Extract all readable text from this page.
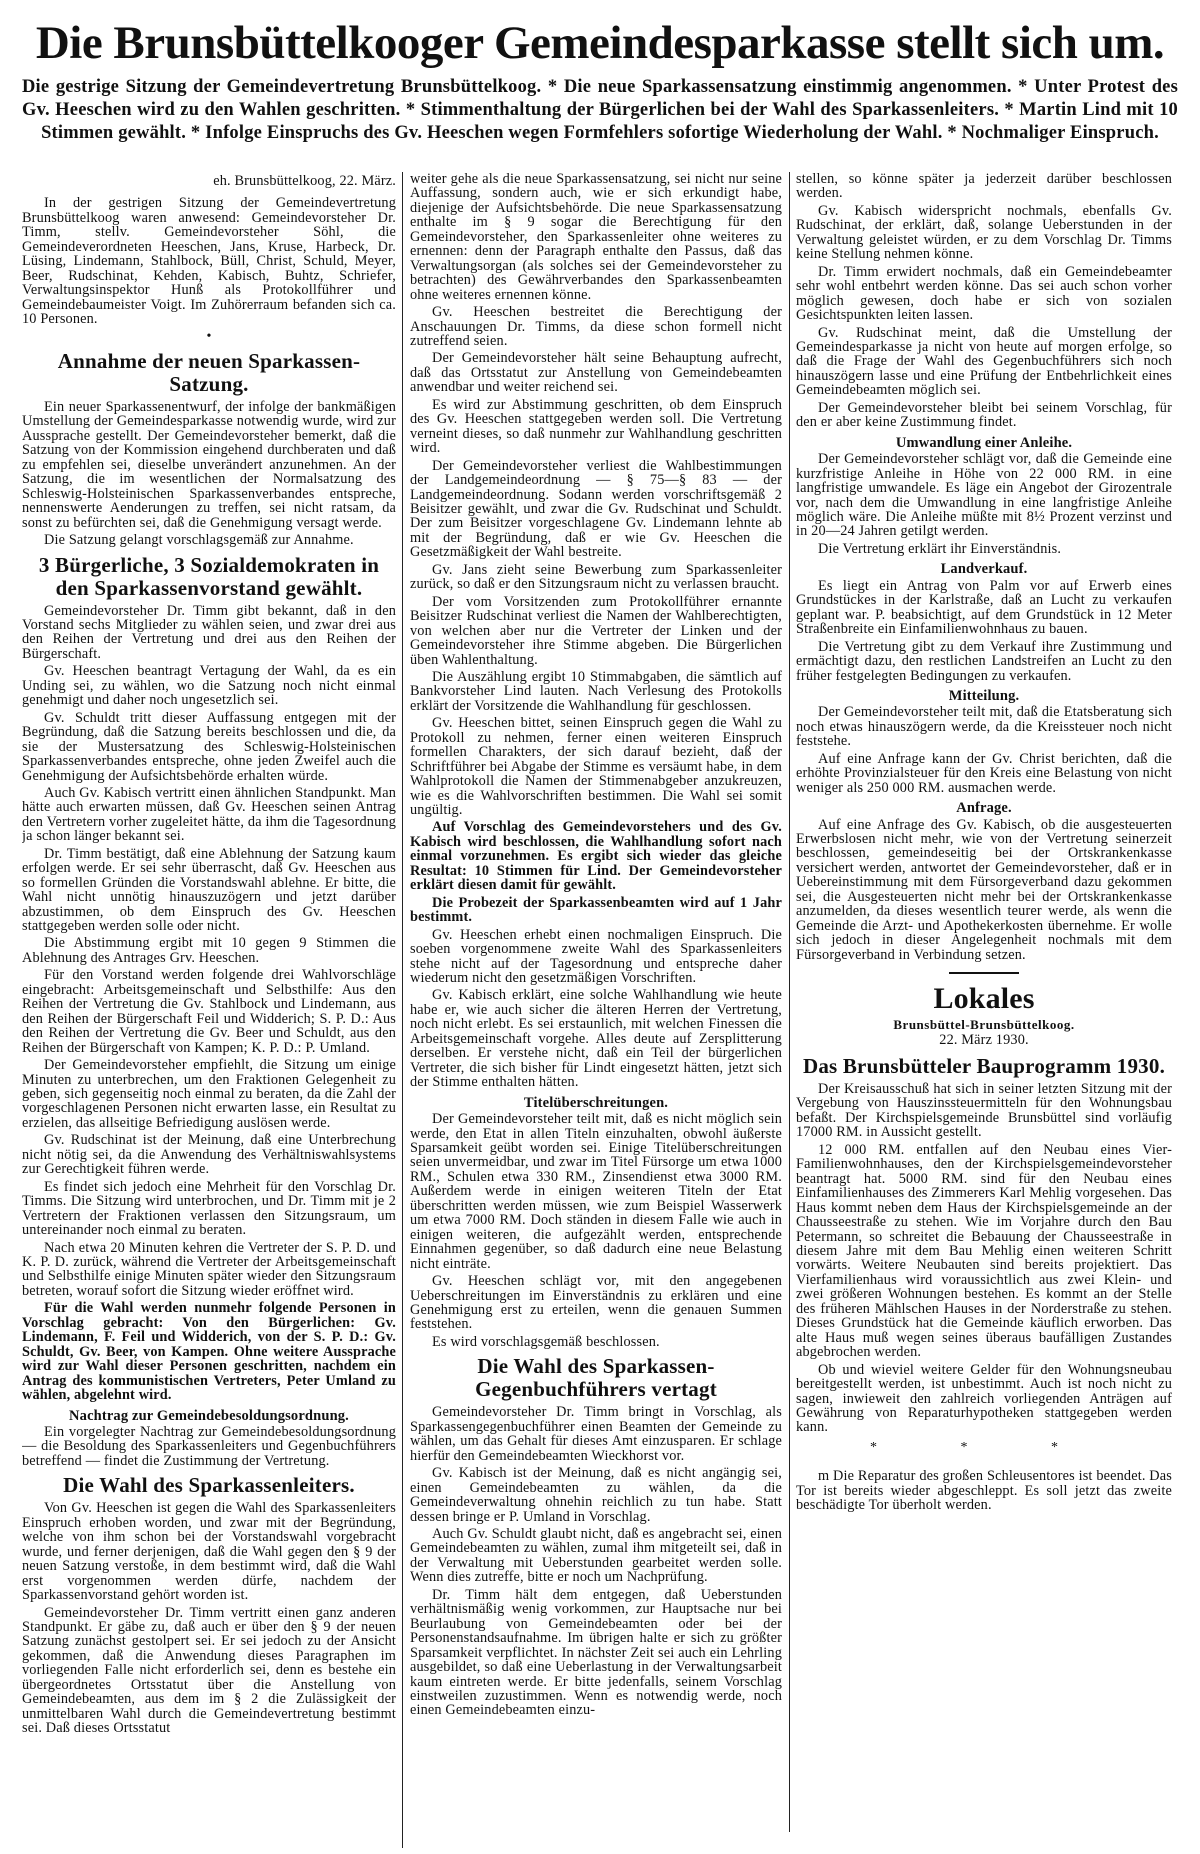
Die Brunsbüttelkooger Gemeindesparkasse stellt sich um.
Die gestrige Sitzung der Gemeindevertretung Brunsbüttelkoog. * Die neue Sparkassensatzung einstimmig angenommen. * Unter Protest des Gv. Heeschen wird zu den Wahlen geschritten. * Stimmenthaltung der Bürgerlichen bei der Wahl des Sparkassenleiters. * Martin Lind mit 10 Stimmen gewählt. * Infolge Einspruchs des Gv. Heeschen wegen Formfehlers sofortige Wiederholung der Wahl. * Nochmaliger Einspruch.
eh. Brunsbüttelkoog, 22. März.
In der gestrigen Sitzung der Gemeindevertretung Brunsbüttelkoog waren anwesend: Gemeindevorsteher Dr. Timm, stellv. Gemeindevorsteher Söhl, die Gemeindeverordneten Heeschen, Jans, Kruse, Harbeck, Dr. Lüsing, Lindemann, Stahlbock, Büll, Christ, Schuld, Meyer, Beer, Rudschinat, Kehden, Kabisch, Buhtz, Schriefer, Verwaltungsinspektor Hunß als Protokollführer und Gemeindebaumeister Voigt. Im Zuhörerraum befanden sich ca. 10 Personen.
•
Annahme der neuen Sparkassen-Satzung.
Ein neuer Sparkassenentwurf, der infolge der bankmäßigen Umstellung der Gemeindesparkasse notwendig wurde, wird zur Aussprache gestellt. Der Gemeindevorsteher bemerkt, daß die Satzung von der Kommission eingehend durchberaten und daß zu empfehlen sei, dieselbe unverändert anzunehmen. An der Satzung, die im wesentlichen der Normalsatzung des Schleswig-Holsteinischen Sparkassenverbandes entspreche, nennenswerte Aenderungen zu treffen, sei nicht ratsam, da sonst zu befürchten sei, daß die Genehmigung versagt werde.
Die Satzung gelangt vorschlagsgemäß zur Annahme.
3 Bürgerliche, 3 Sozialdemokraten in den Sparkassenvorstand gewählt.
Gemeindevorsteher Dr. Timm gibt bekannt, daß in den Vorstand sechs Mitglieder zu wählen seien, und zwar drei aus den Reihen der Vertretung und drei aus den Reihen der Bürgerschaft.
Gv. Heeschen beantragt Vertagung der Wahl, da es ein Unding sei, zu wählen, wo die Satzung noch nicht einmal genehmigt und daher noch ungesetzlich sei.
Gv. Schuldt tritt dieser Auffassung entgegen mit der Begründung, daß die Satzung bereits beschlossen und die, da sie der Mustersatzung des Schleswig-Holsteinischen Sparkassenverbandes entspreche, ohne jeden Zweifel auch die Genehmigung der Aufsichtsbehörde erhalten würde.
Auch Gv. Kabisch vertritt einen ähnlichen Standpunkt. Man hätte auch erwarten müssen, daß Gv. Heeschen seinen Antrag den Vertretern vorher zugeleitet hätte, da ihm die Tagesordnung ja schon länger bekannt sei.
Dr. Timm bestätigt, daß eine Ablehnung der Satzung kaum erfolgen werde. Er sei sehr überrascht, daß Gv. Heeschen aus so formellen Gründen die Vorstandswahl ablehne. Er bitte, die Wahl nicht unnötig hinauszuzögern und jetzt darüber abzustimmen, ob dem Einspruch des Gv. Heeschen stattgegeben werden solle oder nicht.
Die Abstimmung ergibt mit 10 gegen 9 Stimmen die Ablehnung des Antrages Grv. Heeschen.
Für den Vorstand werden folgende drei Wahlvorschläge eingebracht: Arbeitsgemeinschaft und Selbsthilfe: Aus den Reihen der Vertretung die Gv. Stahlbock und Lindemann, aus den Reihen der Bürgerschaft Feil und Widderich; S. P. D.: Aus den Reihen der Vertretung die Gv. Beer und Schuldt, aus den Reihen der Bürgerschaft von Kampen; K. P. D.: P. Umland.
Der Gemeindevorsteher empfiehlt, die Sitzung um einige Minuten zu unterbrechen, um den Fraktionen Gelegenheit zu geben, sich gegenseitig noch einmal zu beraten, da die Zahl der vorgeschlagenen Personen nicht erwarten lasse, ein Resultat zu erzielen, das allseitige Befriedigung auslösen werde.
Gv. Rudschinat ist der Meinung, daß eine Unterbrechung nicht nötig sei, da die Anwendung des Verhältniswahlsystems zur Gerechtigkeit führen werde.
Es findet sich jedoch eine Mehrheit für den Vorschlag Dr. Timms. Die Sitzung wird unterbrochen, und Dr. Timm mit je 2 Vertretern der Fraktionen verlassen den Sitzungsraum, um untereinander noch einmal zu beraten.
Nach etwa 20 Minuten kehren die Vertreter der S. P. D. und K. P. D. zurück, während die Vertreter der Arbeitsgemeinschaft und Selbsthilfe einige Minuten später wieder den Sitzungsraum betreten, worauf sofort die Sitzung wieder eröffnet wird.
Für die Wahl werden nunmehr folgende Personen in Vorschlag gebracht: Von den Bürgerlichen: Gv. Lindemann, F. Feil und Widderich, von der S. P. D.: Gv. Schuldt, Gv. Beer, von Kampen. Ohne weitere Aussprache wird zur Wahl dieser Personen geschritten, nachdem ein Antrag des kommunistischen Vertreters, Peter Umland zu wählen, abgelehnt wird.
Nachtrag zur Gemeindebesoldungsordnung.
Ein vorgelegter Nachtrag zur Gemeindebesoldungsordnung — die Besoldung des Sparkassenleiters und Gegenbuchführers betreffend — findet die Zustimmung der Vertretung.
Die Wahl des Sparkassenleiters.
Von Gv. Heeschen ist gegen die Wahl des Sparkassenleiters Einspruch erhoben worden, und zwar mit der Begründung, welche von ihm schon bei der Vorstandswahl vorgebracht wurde, und ferner derjenigen, daß die Wahl gegen den § 9 der neuen Satzung verstoße, in dem bestimmt wird, daß die Wahl erst vorgenommen werden dürfe, nachdem der Sparkassenvorstand gehört worden ist.
Gemeindevorsteher Dr. Timm vertritt einen ganz anderen Standpunkt. Er gäbe zu, daß auch er über den § 9 der neuen Satzung zunächst gestolpert sei. Er sei jedoch zu der Ansicht gekommen, daß die Anwendung dieses Paragraphen im vorliegenden Falle nicht erforderlich sei, denn es bestehe ein übergeordnetes Ortsstatut über die Anstellung von Gemeindebeamten, aus dem im § 2 die Zulässigkeit der unmittelbaren Wahl durch die Gemeindevertretung bestimmt sei. Daß dieses Ortsstatut
weiter gehe als die neue Sparkassensatzung, sei nicht nur seine Auffassung, sondern auch, wie er sich erkundigt habe, diejenige der Aufsichtsbehörde. Die neue Sparkassensatzung enthalte im § 9 sogar die Berechtigung für den Gemeindevorsteher, den Sparkassenleiter ohne weiteres zu ernennen: denn der Paragraph enthalte den Passus, daß das Verwaltungsorgan (als solches sei der Gemeindevorsteher zu betrachten) des Gewährverbandes den Sparkassenbeamten ohne weiteres ernennen könne.
Gv. Heeschen bestreitet die Berechtigung der Anschauungen Dr. Timms, da diese schon formell nicht zutreffend seien.
Der Gemeindevorsteher hält seine Behauptung aufrecht, daß das Ortsstatut zur Anstellung von Gemeindebeamten anwendbar und weiter reichend sei.
Es wird zur Abstimmung geschritten, ob dem Einspruch des Gv. Heeschen stattgegeben werden soll. Die Vertretung verneint dieses, so daß nunmehr zur Wahlhandlung geschritten wird.
Der Gemeindevorsteher verliest die Wahlbestimmungen der Landgemeindeordnung — § 75—§ 83 — der Landgemeindeordnung. Sodann werden vorschriftsgemäß 2 Beisitzer gewählt, und zwar die Gv. Rudschinat und Schuldt. Der zum Beisitzer vorgeschlagene Gv. Lindemann lehnte ab mit der Begründung, daß er wie Gv. Heeschen die Gesetzmäßigkeit der Wahl bestreite.
Gv. Jans zieht seine Bewerbung zum Sparkassenleiter zurück, so daß er den Sitzungsraum nicht zu verlassen braucht.
Der vom Vorsitzenden zum Protokollführer ernannte Beisitzer Rudschinat verliest die Namen der Wahlberechtigten, von welchen aber nur die Vertreter der Linken und der Gemeindevorsteher ihre Stimme abgeben. Die Bürgerlichen üben Wahlenthaltung.
Die Auszählung ergibt 10 Stimmabgaben, die sämtlich auf Bankvorsteher Lind lauten. Nach Verlesung des Protokolls erklärt der Vorsitzende die Wahlhandlung für geschlossen.
Gv. Heeschen bittet, seinen Einspruch gegen die Wahl zu Protokoll zu nehmen, ferner einen weiteren Einspruch formellen Charakters, der sich darauf bezieht, daß der Schriftführer bei Abgabe der Stimme es versäumt habe, in dem Wahlprotokoll die Namen der Stimmenabgeber anzukreuzen, wie es die Wahlvorschriften bestimmen. Die Wahl sei somit ungültig.
Auf Vorschlag des Gemeindevorstehers und des Gv. Kabisch wird beschlossen, die Wahlhandlung sofort nach einmal vorzunehmen. Es ergibt sich wieder das gleiche Resultat: 10 Stimmen für Lind. Der Gemeindevorsteher erklärt diesen damit für gewählt.
Die Probezeit der Sparkassenbeamten wird auf 1 Jahr bestimmt.
Gv. Heeschen erhebt einen nochmaligen Einspruch. Die soeben vorgenommene zweite Wahl des Sparkassenleiters stehe nicht auf der Tagesordnung und entspreche daher wiederum nicht den gesetzmäßigen Vorschriften.
Gv. Kabisch erklärt, eine solche Wahlhandlung wie heute habe er, wie auch sicher die älteren Herren der Vertretung, noch nicht erlebt. Es sei erstaunlich, mit welchen Finessen die Arbeitsgemeinschaft vorgehe. Alles deute auf Zersplitterung derselben. Er verstehe nicht, daß ein Teil der bürgerlichen Vertreter, die sich bisher für Lindt eingesetzt hätten, jetzt sich der Stimme enthalten hätten.
Titelüberschreitungen.
Der Gemeindevorsteher teilt mit, daß es nicht möglich sein werde, den Etat in allen Titeln einzuhalten, obwohl äußerste Sparsamkeit geübt worden sei. Einige Titelüberschreitungen seien unvermeidbar, und zwar im Titel Fürsorge um etwa 1000 RM., Schulen etwa 330 RM., Zinsendienst etwa 3000 RM. Außerdem werde in einigen weiteren Titeln der Etat überschritten werden müssen, wie zum Beispiel Wasserwerk um etwa 7000 RM. Doch ständen in diesem Falle wie auch in einigen weiteren, die aufgezählt werden, entsprechende Einnahmen gegenüber, so daß dadurch eine neue Belastung nicht einträte.
Gv. Heeschen schlägt vor, mit den angegebenen Ueberschreitungen im Einverständnis zu erklären und eine Genehmigung erst zu erteilen, wenn die genauen Summen feststehen.
Es wird vorschlagsgemäß beschlossen.
Die Wahl des Sparkassen-Gegenbuchführers vertagt
Gemeindevorsteher Dr. Timm bringt in Vorschlag, als Sparkassengegenbuchführer einen Beamten der Gemeinde zu wählen, um das Gehalt für dieses Amt einzusparen. Er schlage hierfür den Gemeindebeamten Wieckhorst vor.
Gv. Kabisch ist der Meinung, daß es nicht angängig sei, einen Gemeindebeamten zu wählen, da die Gemeindeverwaltung ohnehin reichlich zu tun habe. Statt dessen bringe er P. Umland in Vorschlag.
Auch Gv. Schuldt glaubt nicht, daß es angebracht sei, einen Gemeindebeamten zu wählen, zumal ihm mitgeteilt sei, daß in der Verwaltung mit Ueberstunden gearbeitet werden solle. Wenn dies zutreffe, bitte er noch um Nachprüfung.
Dr. Timm hält dem entgegen, daß Ueberstunden verhältnismäßig wenig vorkommen, zur Hauptsache nur bei Beurlaubung von Gemeindebeamten oder bei der Personenstandsaufnahme. Im übrigen halte er sich zu größter Sparsamkeit verpflichtet. In nächster Zeit sei auch ein Lehrling ausgebildet, so daß eine Ueberlastung in der Verwaltungsarbeit kaum eintreten werde. Er bitte jedenfalls, seinem Vorschlag einstweilen zuzustimmen. Wenn es notwendig werde, noch einen Gemeindebeamten einzu-
stellen, so könne später ja jederzeit darüber beschlossen werden.
Gv. Kabisch widerspricht nochmals, ebenfalls Gv. Rudschinat, der erklärt, daß, solange Ueberstunden in der Verwaltung geleistet würden, er zu dem Vorschlag Dr. Timms keine Stellung nehmen könne.
Dr. Timm erwidert nochmals, daß ein Gemeindebeamter sehr wohl entbehrt werden könne. Das sei auch schon vorher möglich gewesen, doch habe er sich von sozialen Gesichtspunkten leiten lassen.
Gv. Rudschinat meint, daß die Umstellung der Gemeindesparkasse ja nicht von heute auf morgen erfolge, so daß die Frage der Wahl des Gegenbuchführers sich noch hinauszögern lasse und eine Prüfung der Entbehrlichkeit eines Gemeindebeamten möglich sei.
Der Gemeindevorsteher bleibt bei seinem Vorschlag, für den er aber keine Zustimmung findet.
Umwandlung einer Anleihe.
Der Gemeindevorsteher schlägt vor, daß die Gemeinde eine kurzfristige Anleihe in Höhe von 22 000 RM. in eine langfristige umwandele. Es läge ein Angebot der Girozentrale vor, nach dem die Umwandlung in eine langfristige Anleihe möglich wäre. Die Anleihe müßte mit 8½ Prozent verzinst und in 20—24 Jahren getilgt werden.
Die Vertretung erklärt ihr Einverständnis.
Landverkauf.
Es liegt ein Antrag von Palm vor auf Erwerb eines Grundstückes in der Karlstraße, daß an Lucht zu verkaufen geplant war. P. beabsichtigt, auf dem Grundstück in 12 Meter Straßenbreite ein Einfamilienwohnhaus zu bauen.
Die Vertretung gibt zu dem Verkauf ihre Zustimmung und ermächtigt dazu, den restlichen Landstreifen an Lucht zu den früher festgelegten Bedingungen zu verkaufen.
Mitteilung.
Der Gemeindevorsteher teilt mit, daß die Etatsberatung sich noch etwas hinauszögern werde, da die Kreissteuer noch nicht feststehe.
Auf eine Anfrage kann der Gv. Christ berichten, daß die erhöhte Provinzialsteuer für den Kreis eine Belastung von nicht weniger als 250 000 RM. ausmachen werde.
Anfrage.
Auf eine Anfrage des Gv. Kabisch, ob die ausgesteuerten Erwerbslosen nicht mehr, wie von der Vertretung seinerzeit beschlossen, gemeindeseitig bei der Ortskrankenkasse versichert werden, antwortet der Gemeindevorsteher, daß er in Uebereinstimmung mit dem Fürsorgeverband dazu gekommen sei, die Ausgesteuerten nicht mehr bei der Ortskrankenkasse anzumelden, da dieses wesentlich teurer werde, als wenn die Gemeinde die Arzt- und Apothekerkosten übernehme. Er wolle sich jedoch in dieser Angelegenheit nochmals mit dem Fürsorgeverband in Verbindung setzen.
Lokales
Brunsbüttel-Brunsbüttelkoog.
22. März 1930.
Das Brunsbütteler Bauprogramm 1930.
Der Kreisausschuß hat sich in seiner letzten Sitzung mit der Vergebung von Hauszinssteuermitteln für den Wohnungsbau befaßt. Der Kirchspielsgemeinde Brunsbüttel sind vorläufig 17000 RM. in Aussicht gestellt.
12 000 RM. entfallen auf den Neubau eines Vier-Familienwohnhauses, den der Kirchspielsgemeindevorsteher beantragt hat. 5000 RM. sind für den Neubau eines Einfamilienhauses des Zimmerers Karl Mehlig vorgesehen. Das Haus kommt neben dem Haus der Kirchspielsgemeinde an der Chausseestraße zu stehen. Wie im Vorjahre durch den Bau Petermann, so schreitet die Bebauung der Chausseestraße in diesem Jahre mit dem Bau Mehlig einen weiteren Schritt vorwärts. Weitere Neubauten sind bereits projektiert. Das Vierfamilienhaus wird voraussichtlich aus zwei Klein- und zwei größeren Wohnungen bestehen. Es kommt an der Stelle des früheren Mählschen Hauses in der Norderstraße zu stehen. Dieses Grundstück hat die Gemeinde käuflich erworben. Das alte Haus muß wegen seines überaus baufälligen Zustandes abgebrochen werden.
Ob und wieviel weitere Gelder für den Wohnungsneubau bereitgestellt werden, ist unbestimmt. Auch ist noch nicht zu sagen, inwieweit den zahlreich vorliegenden Anträgen auf Gewährung von Reparaturhypotheken stattgegeben werden kann.
* * *
m Die Reparatur des großen Schleusentores ist beendet. Das Tor ist bereits wieder abgeschleppt. Es soll jetzt das zweite beschädigte Tor überholt werden.
